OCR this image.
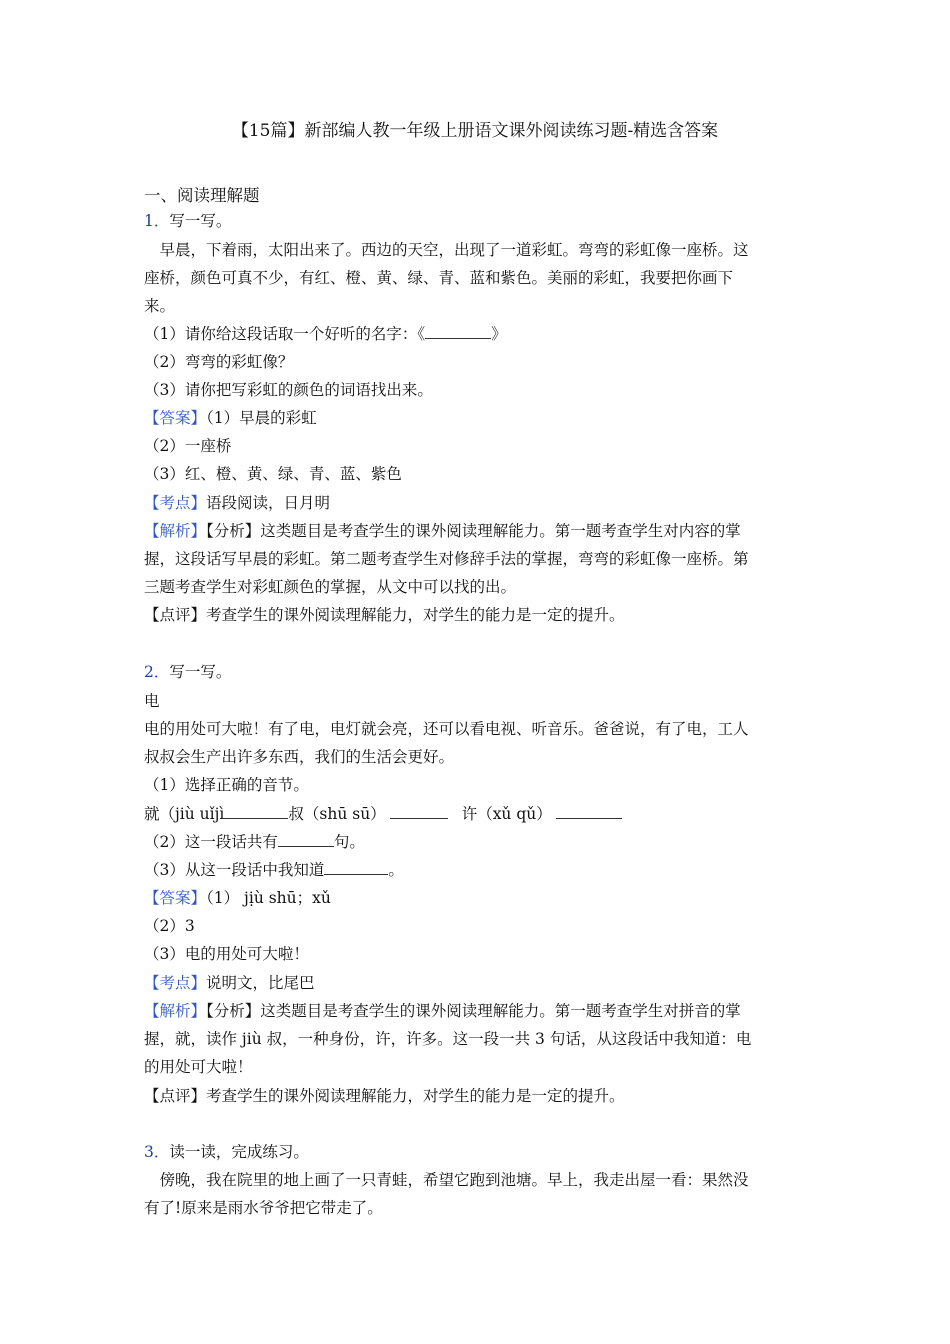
【15篇】新部编人教一年级上册语文课外阅读练习题-精选含答案
一、阅读理解题
1．写一写。
　早晨，下着雨，太阳出来了。西边的天空，出现了一道彩虹。弯弯的彩虹像一座桥。这
座桥，颜色可真不少，有红、橙、黄、绿、青、蓝和紫色。美丽的彩虹，我要把你画下
来。
（1）请你给这段话取一个好听的名字：《	》
（2）弯弯的彩虹像？
（3）请你把写彩虹的颜色的词语找出来。
【答案】（1）早晨的彩虹
（2）一座桥
（3）红、橙、黄、绿、青、蓝、紫色
【考点】语段阅读，日月明
【解析】【分析】这类题目是考查学生的课外阅读理解能力。第一题考查学生对内容的掌
握，这段话写早晨的彩虹。第二题考查学生对修辞手法的掌握，弯弯的彩虹像一座桥。第
三题考查学生对彩虹颜色的掌握，从文中可以找的出。
【点评】考查学生的课外阅读理解能力，对学生的能力是一定的提升。
2．写一写。
电
电的用处可大啦！有了电，电灯就会亮，还可以看电视、听音乐。爸爸说，有了电，工人
叔叔会生产出许多东西，我们的生活会更好。
（1）选择正确的音节。
就（jiù uǐjì	叔（shū sū）	许（xǔ qǔ）
（2）这一段话共有	句。
（3）从这一段话中我知道	。
【答案】（1） jịù shū；xǔ
（2）3
（3）电的用处可大啦！
【考点】说明文，比尾巴
【解析】【分析】这类题目是考查学生的课外阅读理解能力。第一题考查学生对拼音的掌
握，就，读作 jiù 叔，一种身份，许，许多。这一段一共 3 句话，从这段话中我知道：电
的用处可大啦！
【点评】考查学生的课外阅读理解能力，对学生的能力是一定的提升。
3．读一读，完成练习。
　傍晚，我在院里的地上画了一只青蛙，希望它跑到池塘。早上，我走出屋一看：果然没
有了!原来是雨水爷爷把它带走了。
